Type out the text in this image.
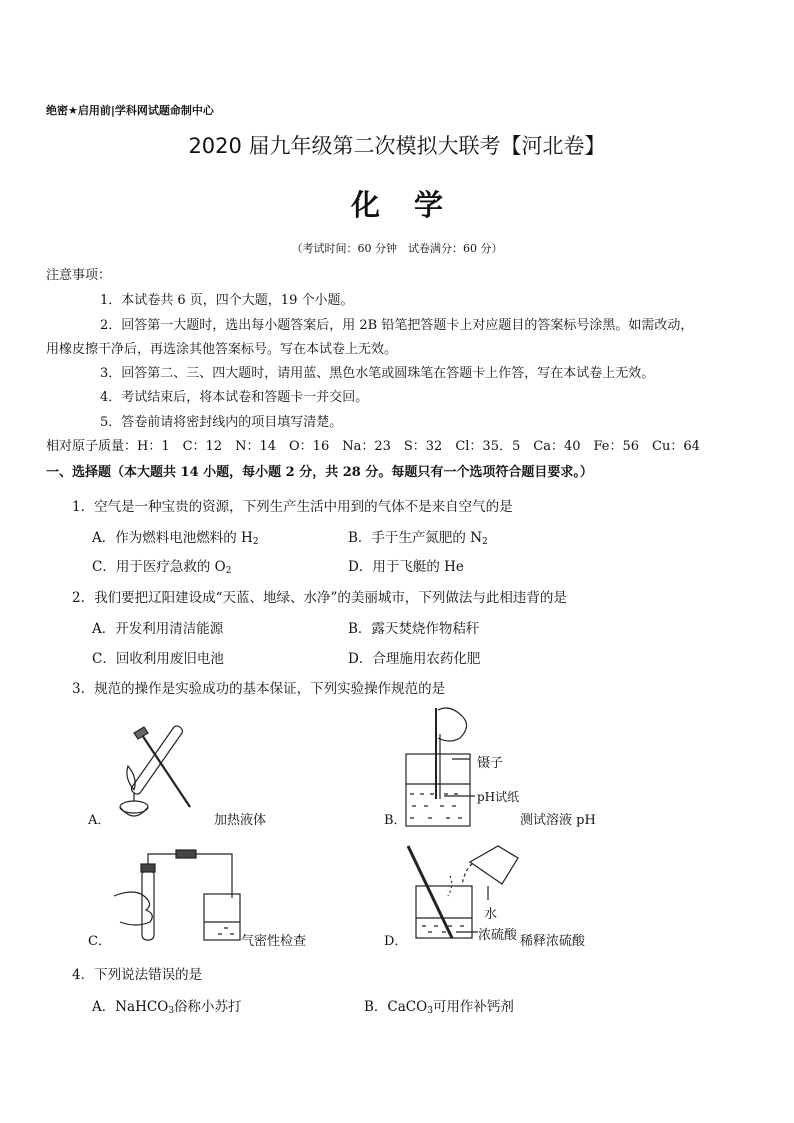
绝密★启用前|学科网试题命制中心
2020 届九年级第二次模拟大联考【河北卷】
化学
（考试时间：60 分钟　试卷满分：60 分）
注意事项：
1．本试卷共 6 页，四个大题，19 个小题。
2．回答第一大题时，选出每小题答案后，用 2B 铅笔把答题卡上对应题目的答案标号涂黑。如需改动，
用橡皮擦干净后，再选涂其他答案标号。写在本试卷上无效。
3．回答第二、三、四大题时，请用蓝、黑色水笔或圆珠笔在答题卡上作答，写在本试卷上无效。
4．考试结束后，将本试卷和答题卡一并交回。
5．答卷前请将密封线内的项目填写清楚。
相对原子质量：H：1　C：12　N：14　O：16　Na：23　S：32　Cl：35．5　Ca：40　Fe：56　Cu：64
一、选择题（本大题共 14 小题，每小题 2 分，共 28 分。每题只有一个选项符合题目要求。）
1．空气是一种宝贵的资源，下列生产生活中用到的气体不是来自空气的是
A．作为燃料电池燃料的 $H_2$	B．手于生产氮肥的 $N_2$
C．用于医疗急救的 $O_2$	D．用于飞艇的 He
2．我们要把辽阳建设成“天蓝、地绿、水净”的美丽城市，下列做法与此相违背的是
A．开发利用清洁能源	B．露天焚烧作物秸秆
C．回收利用废旧电池	D．合理施用农药化肥
3．规范的操作是实验成功的基本保证，下列实验操作规范的是
A．	加热液体
镊子
pH试纸
B．	测试溶液 pH
C．	气密性检查
水
浓硫酸
D．	稀释浓硫酸
4．下列说法错误的是
A．NaHCO$_3$俗称小苏打	B．CaCO$_3$可用作补钙剂
